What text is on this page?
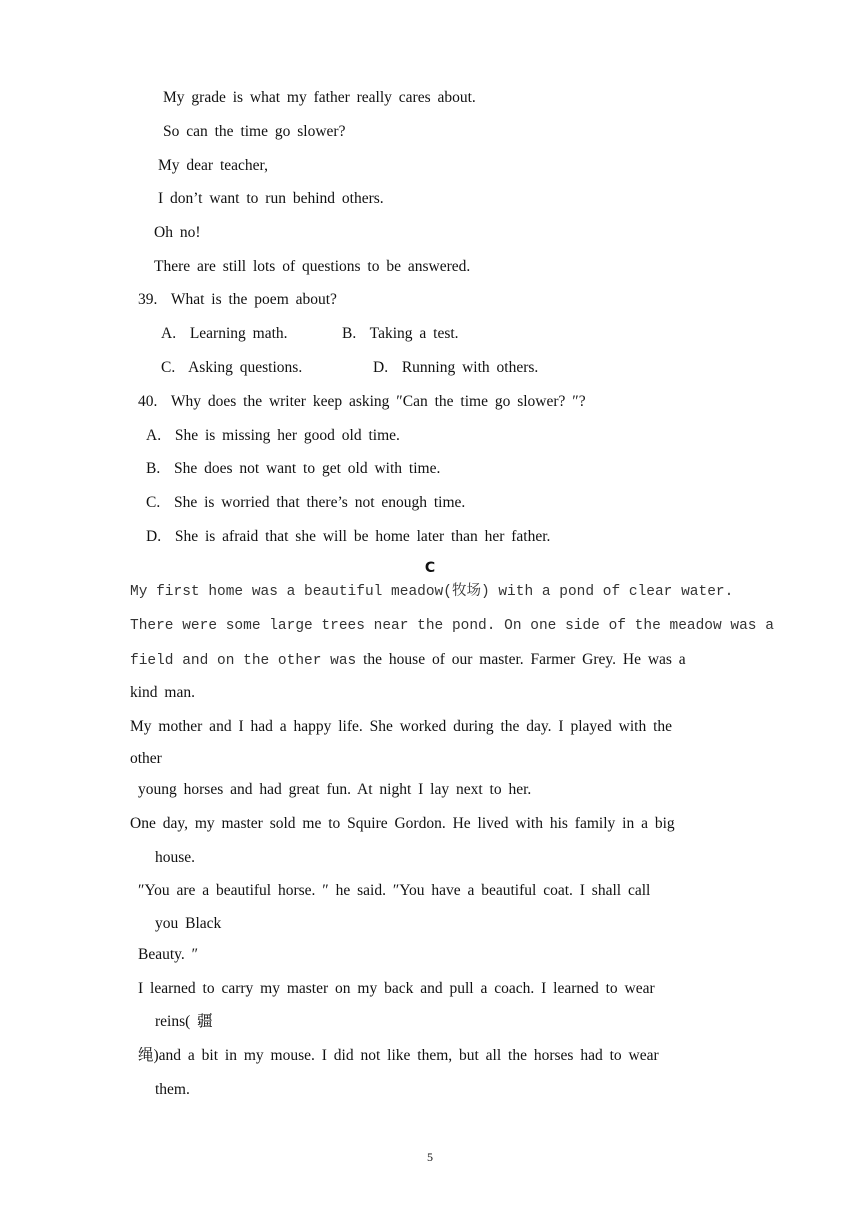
My grade is what my father really cares about.
So can the time go slower?
My dear teacher,
I don’t want to run behind others.
Oh no!
There are still lots of questions to be answered.
39.  What is the poem about?
A.  Learning math.	B.  Taking a test.
C.  Asking questions.	D.  Running with others.
40.  Why does the writer keep asking ″Can the time go slower? ″?
A.  She is missing her good old time.
B.  She does not want to get old with time.
C.  She is worried that there’s not enough time.
D.  She is afraid that she will be home later than her father.
C
My first home was a beautiful meadow(牧场) with a pond of clear water.
There were some large trees near the pond. On one side of the meadow was a
field and on the other was the house of our master. Farmer Grey. He was a
kind man.
My mother and I had a happy life. She worked during the day. I played with the
other
young horses and had great fun. At night I lay next to her.
One day, my master sold me to Squire Gordon. He lived with his family in a big
house.
″You are a beautiful horse. ″ he said. ″You have a beautiful coat. I shall call
you Black
Beauty. ″
I learned to carry my master on my back and pull a coach. I learned to wear
reins( 疆
绳)and a bit in my mouse. I did not like them, but all the horses had to wear
them.
5
